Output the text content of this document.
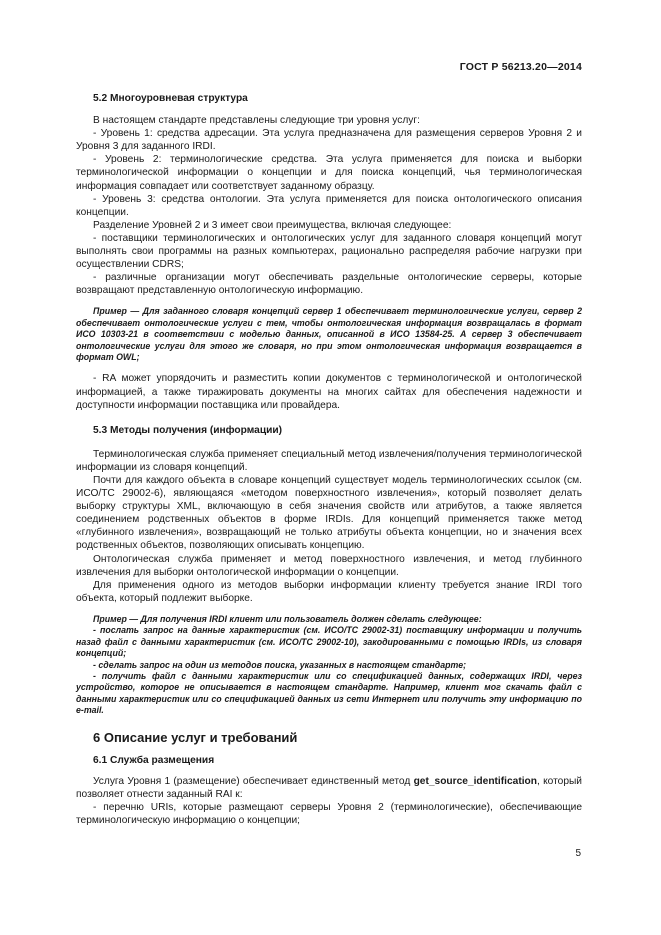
ГОСТ Р 56213.20—2014

5.2 Многоуровневая структура

В настоящем стандарте представлены следующие три уровня услуг:

- Уровень 1: средства адресации. Эта услуга предназначена для размещения серверов Уровня 2 и Уровня 3 для заданного IRDI.

- Уровень 2: терминологические средства. Эта услуга применяется для поиска и выборки терминологической информации о концепции и для поиска концепций, чья терминологическая информация совпадает или соответствует заданному образцу.

- Уровень 3: средства онтологии. Эта услуга применяется для поиска онтологического описания концепции.

Разделение Уровней 2 и 3 имеет свои преимущества, включая следующее:

- поставщики терминологических и онтологических услуг для заданного словаря концепций могут выполнять свои программы на разных компьютерах, рационально распределяя рабочие нагрузки при осуществлении CDRS;

- различные организации могут обеспечивать раздельные онтологические серверы, которые возвращают представленную онтологическую информацию.

Пример — Для заданного словаря концепций сервер 1 обеспечивает терминологические услуги, сервер 2 обеспечивает онтологические услуги с тем, чтобы онтологическая информация возвращалась в формат ИСО 10303-21 в соответствии с моделью данных, описанной в ИСО 13584-25. А сервер 3 обеспечивает онтологические услуги для этого же словаря, но при этом онтологическая информация возвращается в формат OWL;

- RA может упорядочить и разместить копии документов с терминологической и онтологической информацией, а также тиражировать документы на многих сайтах для обеспечения надежности и доступности информации поставщика или провайдера.

5.3 Методы получения (информации)

Терминологическая служба применяет специальный метод извлечения/получения терминологической информации из словаря концепций.

Почти для каждого объекта в словаре концепций существует модель терминологических ссылок (см. ИСО/ТС 29002-6), являющаяся «методом поверхностного извлечения», который позволяет делать выборку структуры XML, включающую в себя значения свойств или атрибутов, а также является соединением родственных объектов в форме IRDIs. Для концепций применяется также метод «глубинного извлечения», возвращающий не только атрибуты объекта концепции, но и значения всех родственных объектов, позволяющих описывать концепцию.

Онтологическая служба применяет и метод поверхностного извлечения, и метод глубинного извлечения для выборки онтологической информации о концепции.

Для применения одного из методов выборки информации клиенту требуется знание IRDI того объекта, который подлежит выборке.

Пример — Для получения IRDI клиент или пользователь должен сделать следующее:
- послать запрос на данные характеристик (см. ИСО/ТС 29002-31) поставщику информации и получить назад файл с данными характеристик (см. ИСО/ТС 29002-10), закодированными с помощью IRDIs, из словаря концепций;
- сделать запрос на один из методов поиска, указанных в настоящем стандарте;
- получить файл с данными характеристик или со спецификацией данных, содержащих IRDI, через устройство, которое не описывается в настоящем стандарте. Например, клиент мог скачать файл с данными характеристик или со спецификацией данных из сети Интернет или получить эту информацию по e-mail.

6 Описание услуг и требований

6.1 Служба размещения

Услуга Уровня 1 (размещение) обеспечивает единственный метод get_source_identification, который позволяет отнести заданный RAI к:

- перечню URIs, которые размещают серверы Уровня 2 (терминологические), обеспечивающие терминологическую информацию о концепции;

5
